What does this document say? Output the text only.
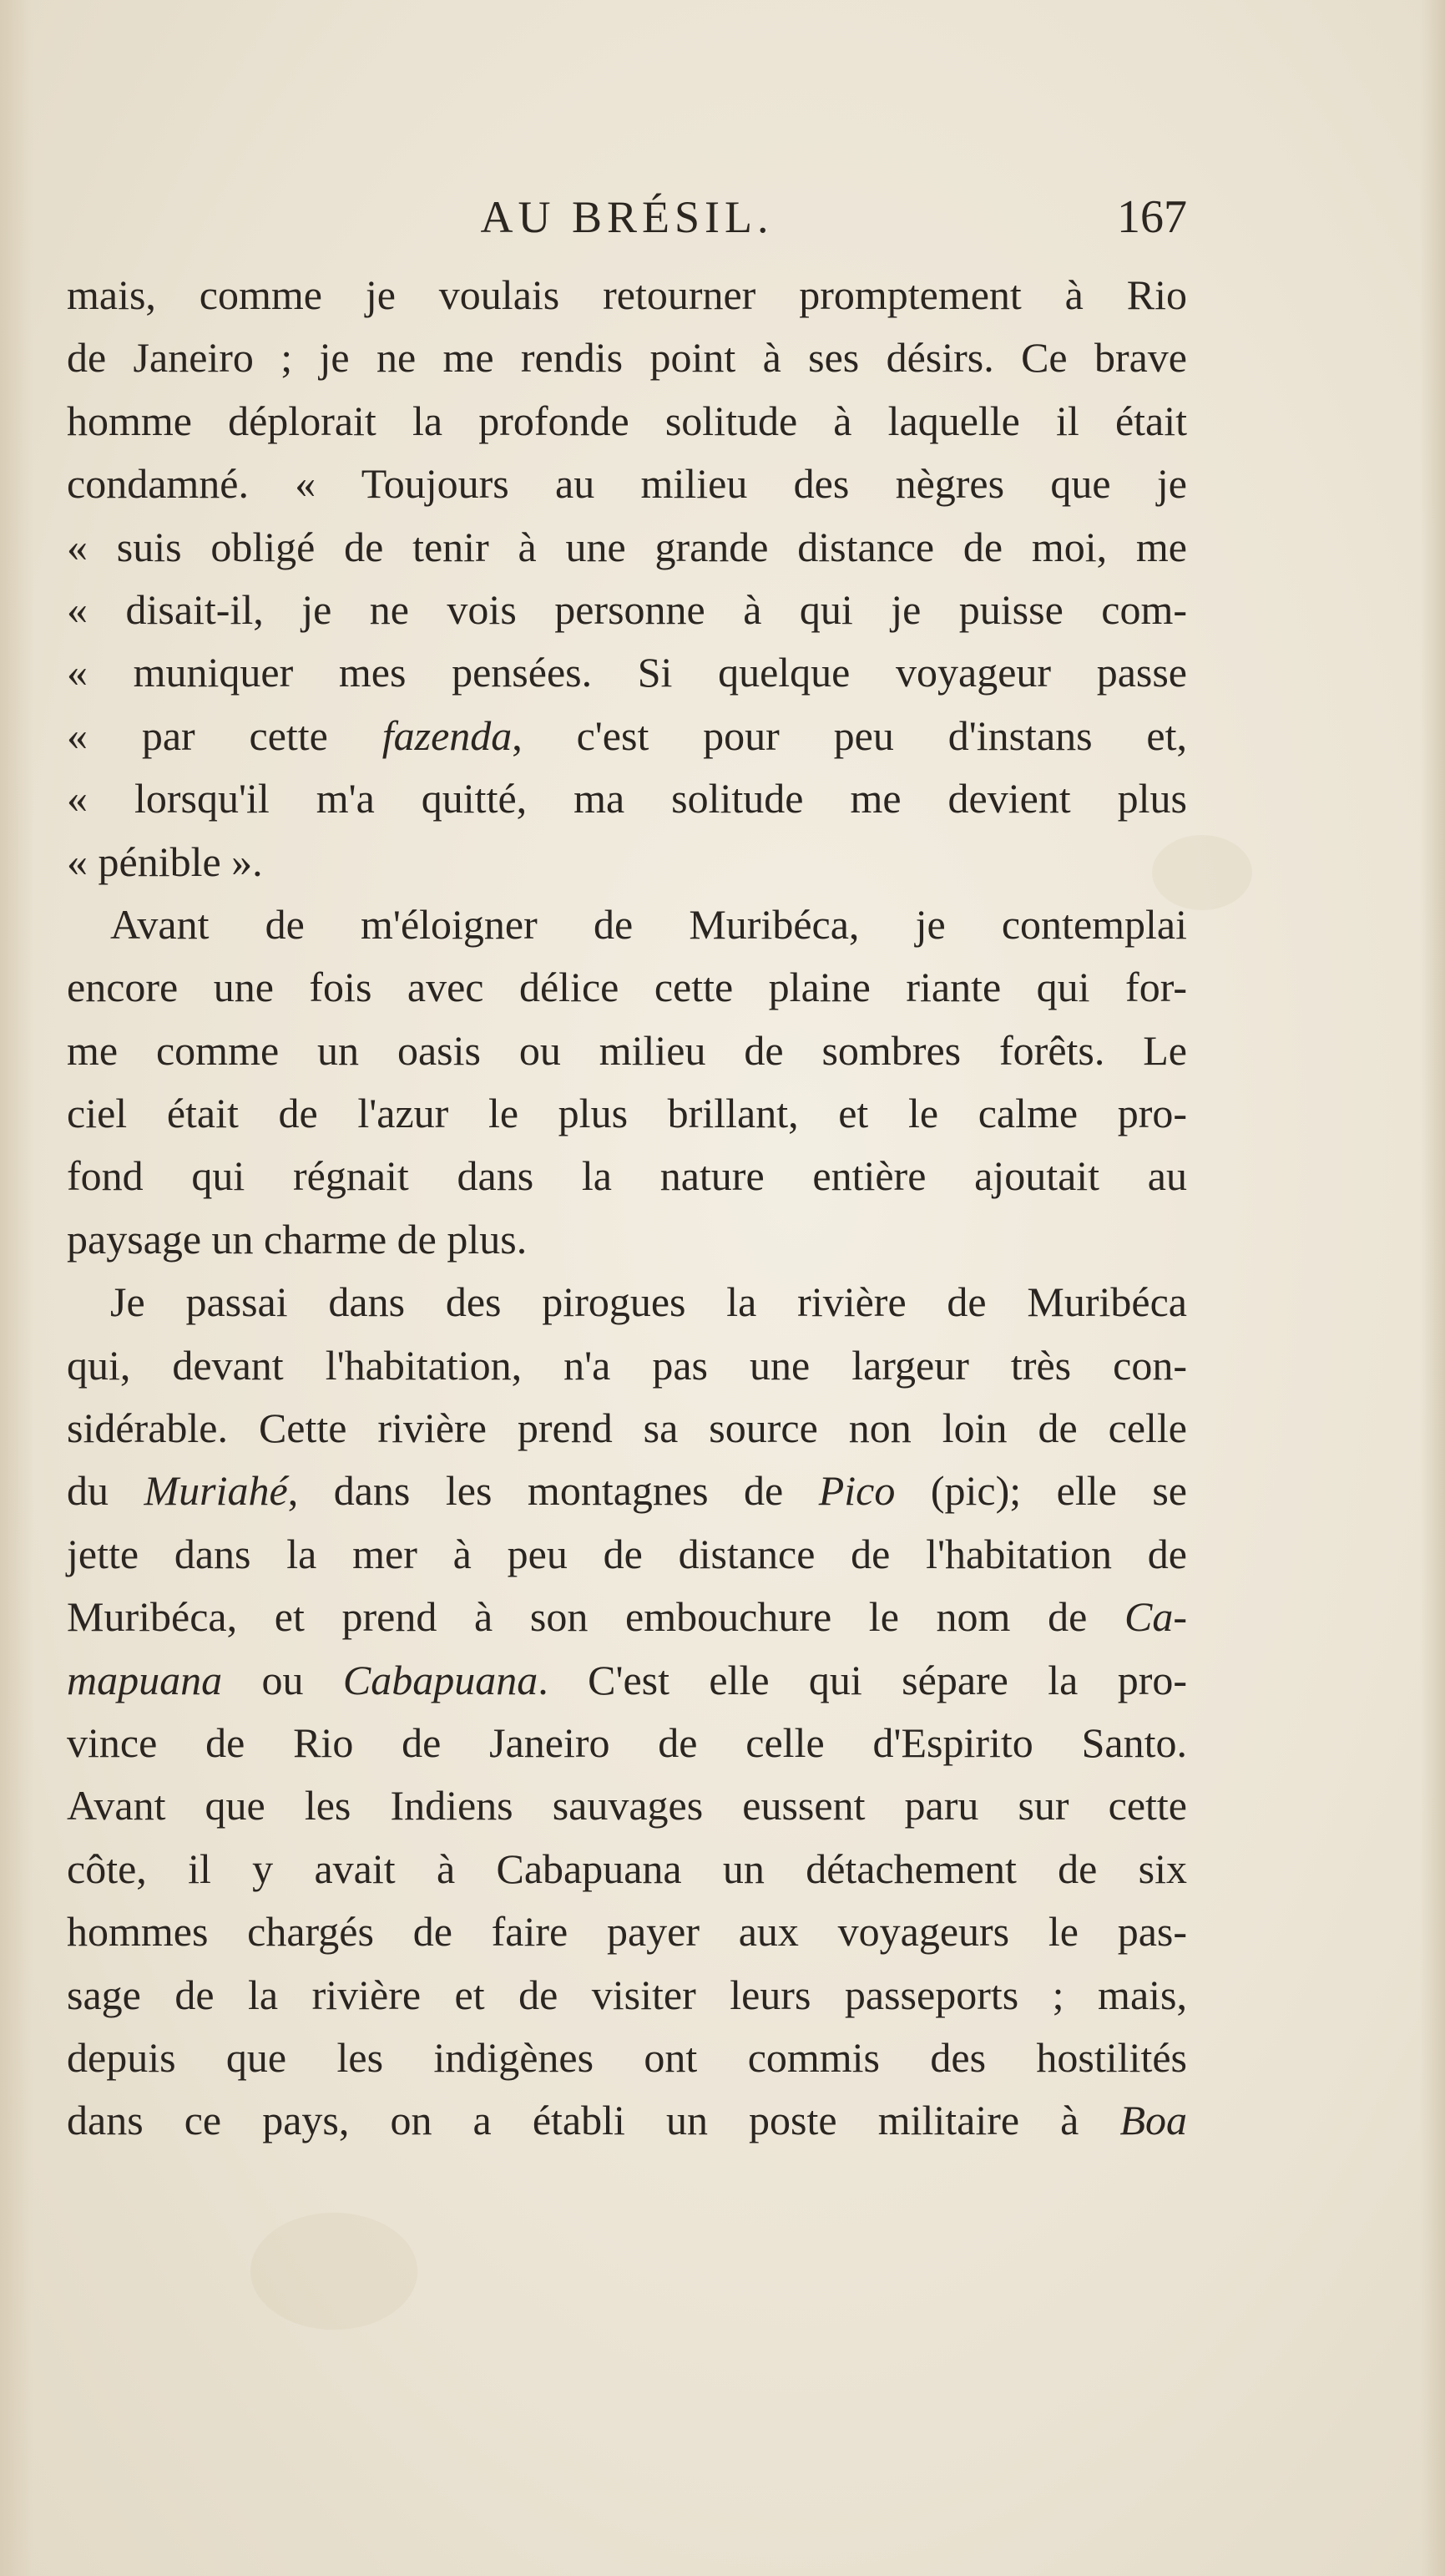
AU BRÉSIL.	167
mais, comme je voulais retourner promptement à Rio
de Janeiro ; je ne me rendis point à ses désirs. Ce brave
homme déplorait la profonde solitude à laquelle il était
condamné. « Toujours au milieu des nègres que je
« suis obligé de tenir à une grande distance de moi, me
« disait-il, je ne vois personne à qui je puisse com-
« muniquer mes pensées. Si quelque voyageur passe
« par cette fazenda, c'est pour peu d'instans et,
« lorsqu'il m'a quitté, ma solitude me devient plus
« pénible ».
Avant de m'éloigner de Muribéca, je contemplai
encore une fois avec délice cette plaine riante qui for-
me comme un oasis ou milieu de sombres forêts. Le
ciel était de l'azur le plus brillant, et le calme pro-
fond qui régnait dans la nature entière ajoutait au
paysage un charme de plus.
Je passai dans des pirogues la rivière de Muribéca
qui, devant l'habitation, n'a pas une largeur très con-
sidérable. Cette rivière prend sa source non loin de celle
du Muriahé, dans les montagnes de Pico (pic); elle se
jette dans la mer à peu de distance de l'habitation de
Muribéca, et prend à son embouchure le nom de Ca-
mapuana ou Cabapuana. C'est elle qui sépare la pro-
vince de Rio de Janeiro de celle d'Espirito Santo.
Avant que les Indiens sauvages eussent paru sur cette
côte, il y avait à Cabapuana un détachement de six
hommes chargés de faire payer aux voyageurs le pas-
sage de la rivière et de visiter leurs passeports ; mais,
depuis que les indigènes ont commis des hostilités
dans ce pays, on a établi un poste militaire à Boa
